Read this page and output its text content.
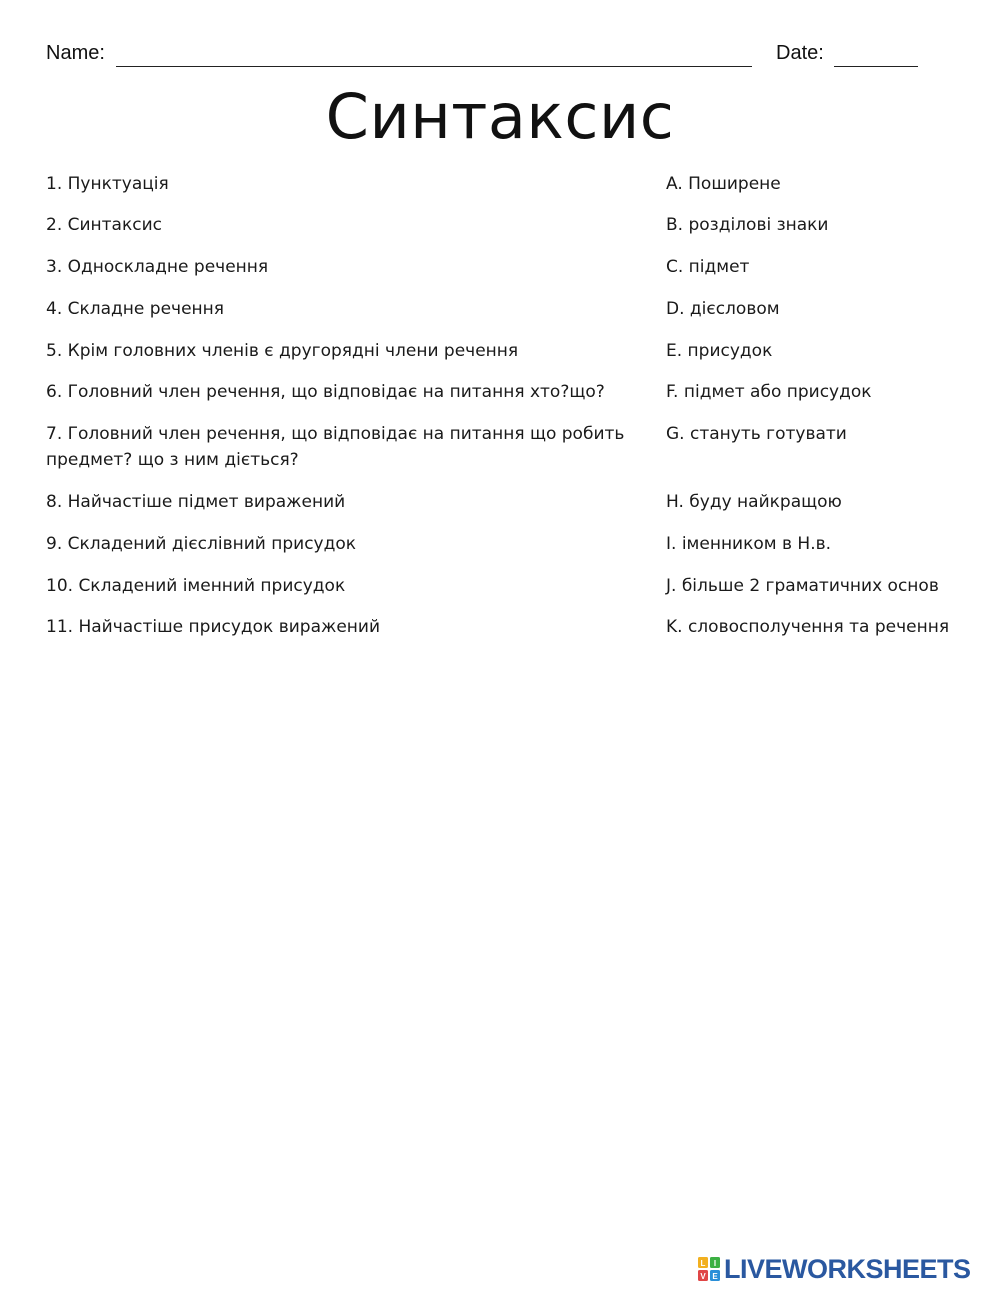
Name:	Date:
Синтаксис
1. Пунктуація
2. Синтаксис
3. Односкладне речення
4. Складне речення
5. Крім головних членів є другорядні члени речення
6. Головний член речення, що відповідає на питання хто?що?
7. Головний член речення, що відповідає на питання що робить предмет? що з ним діється?
8. Найчастіше підмет виражений
9. Складений дієслівний присудок
10. Складений іменний присудок
11. Найчастіше присудок виражений
A. Поширене
B. розділові знаки
C. підмет
D. дієсловом
E. присудок
F. підмет або присудок
G. стануть готувати
H. буду найкращою
I. іменником в Н.в.
J. більше 2 граматичних основ
K. словосполучення та речення
L I
V E LIVEWORKSHEETS
